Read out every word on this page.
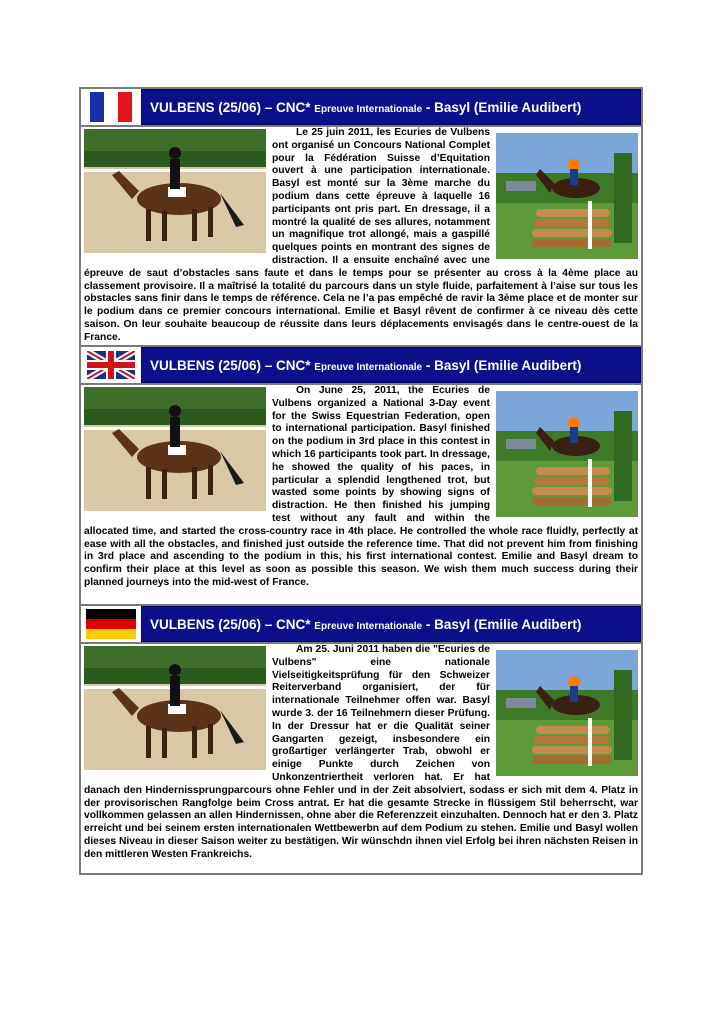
VULBENS (25/06) – CNC* Epreuve Internationale - Basyl (Emilie Audibert)

Le 25 juin 2011, les Ecuries de Vulbens ont organisé un Concours National Complet pour la Fédération Suisse d’Equitation ouvert à une participation internationale. Basyl est monté sur la 3ème marche du podium dans cette épreuve à laquelle 16 participants ont pris part. En dressage, il a montré la qualité de ses allures, notamment un magnifique trot allongé, mais a gaspillé quelques points en montrant des signes de distraction. Il a ensuite enchaîné avec une épreuve de saut d’obstacles sans faute et dans le temps pour se présenter au cross à la 4ème place au classement provisoire. Il a maîtrisé la totalité du parcours dans un style fluide, parfaitement à l’aise sur tous les obstacles sans finir dans le temps de référence. Cela ne l’a pas empêché de ravir la 3ème place et de monter sur le podium dans ce premier concours international. Emilie et Basyl rêvent de confirmer à ce niveau dès cette saison. On leur souhaite beaucoup de réussite dans leurs déplacements envisagés dans le centre-ouest de la France.

VULBENS (25/06) – CNC* Epreuve Internationale - Basyl (Emilie Audibert)

On June 25, 2011, the Ecuries de Vulbens organized a National 3-Day event for the Swiss Equestrian Federation, open to international participation. Basyl finished on the podium in 3rd place in this contest in which 16 participants took part. In dressage, he showed the quality of his paces, in particular a splendid lengthened trot, but wasted some points by showing signs of distraction. He then finished his jumping test without any fault and within the allocated time, and started the cross-country race in 4th place. He controlled the whole race fluidly, perfectly at ease with all the obstacles, and finished just outside the reference time. That did not prevent him from finishing in 3rd place and ascending to the podium in this, his first international contest. Emilie and Basyl dream to confirm their place at this level as soon as possible this season. We wish them much success during their planned journeys into the mid-west of France.

VULBENS (25/06) – CNC* Epreuve Internationale - Basyl (Emilie Audibert)

Am 25. Juni 2011 haben die "Ecuries de Vulbens" eine nationale Vielseitigkeitsprüfung für den Schweizer Reiterverband organisiert, der für internationale Teilnehmer offen war. Basyl wurde 3. der 16 Teilnehmern dieser Prüfung. In der Dressur hat er die Qualität seiner Gangarten gezeigt, insbesondere ein großartiger verlängerter Trab, obwohl er einige Punkte durch Zeichen von Unkonzentriertheit verloren hat. Er hat danach den Hindernissprungparcours ohne Fehler und in der Zeit absolviert, sodass er sich mit dem 4. Platz in der provisorischen Rangfolge beim Cross antrat. Er hat die gesamte Strecke in flüssigem Stil beherrscht, war vollkommen gelassen an allen Hindernissen, ohne aber die Referenzzeit einzuhalten. Dennoch hat er den 3. Platz erreicht und bei seinem ersten internationalen Wettbewerbn auf dem Podium zu stehen. Emilie und Basyl wollen dieses Niveau in dieser Saison weiter zu bestätigen. Wir wünschdn ihnen viel Erfolg bei ihren nächsten Reisen in den mittleren Westen Frankreichs.
